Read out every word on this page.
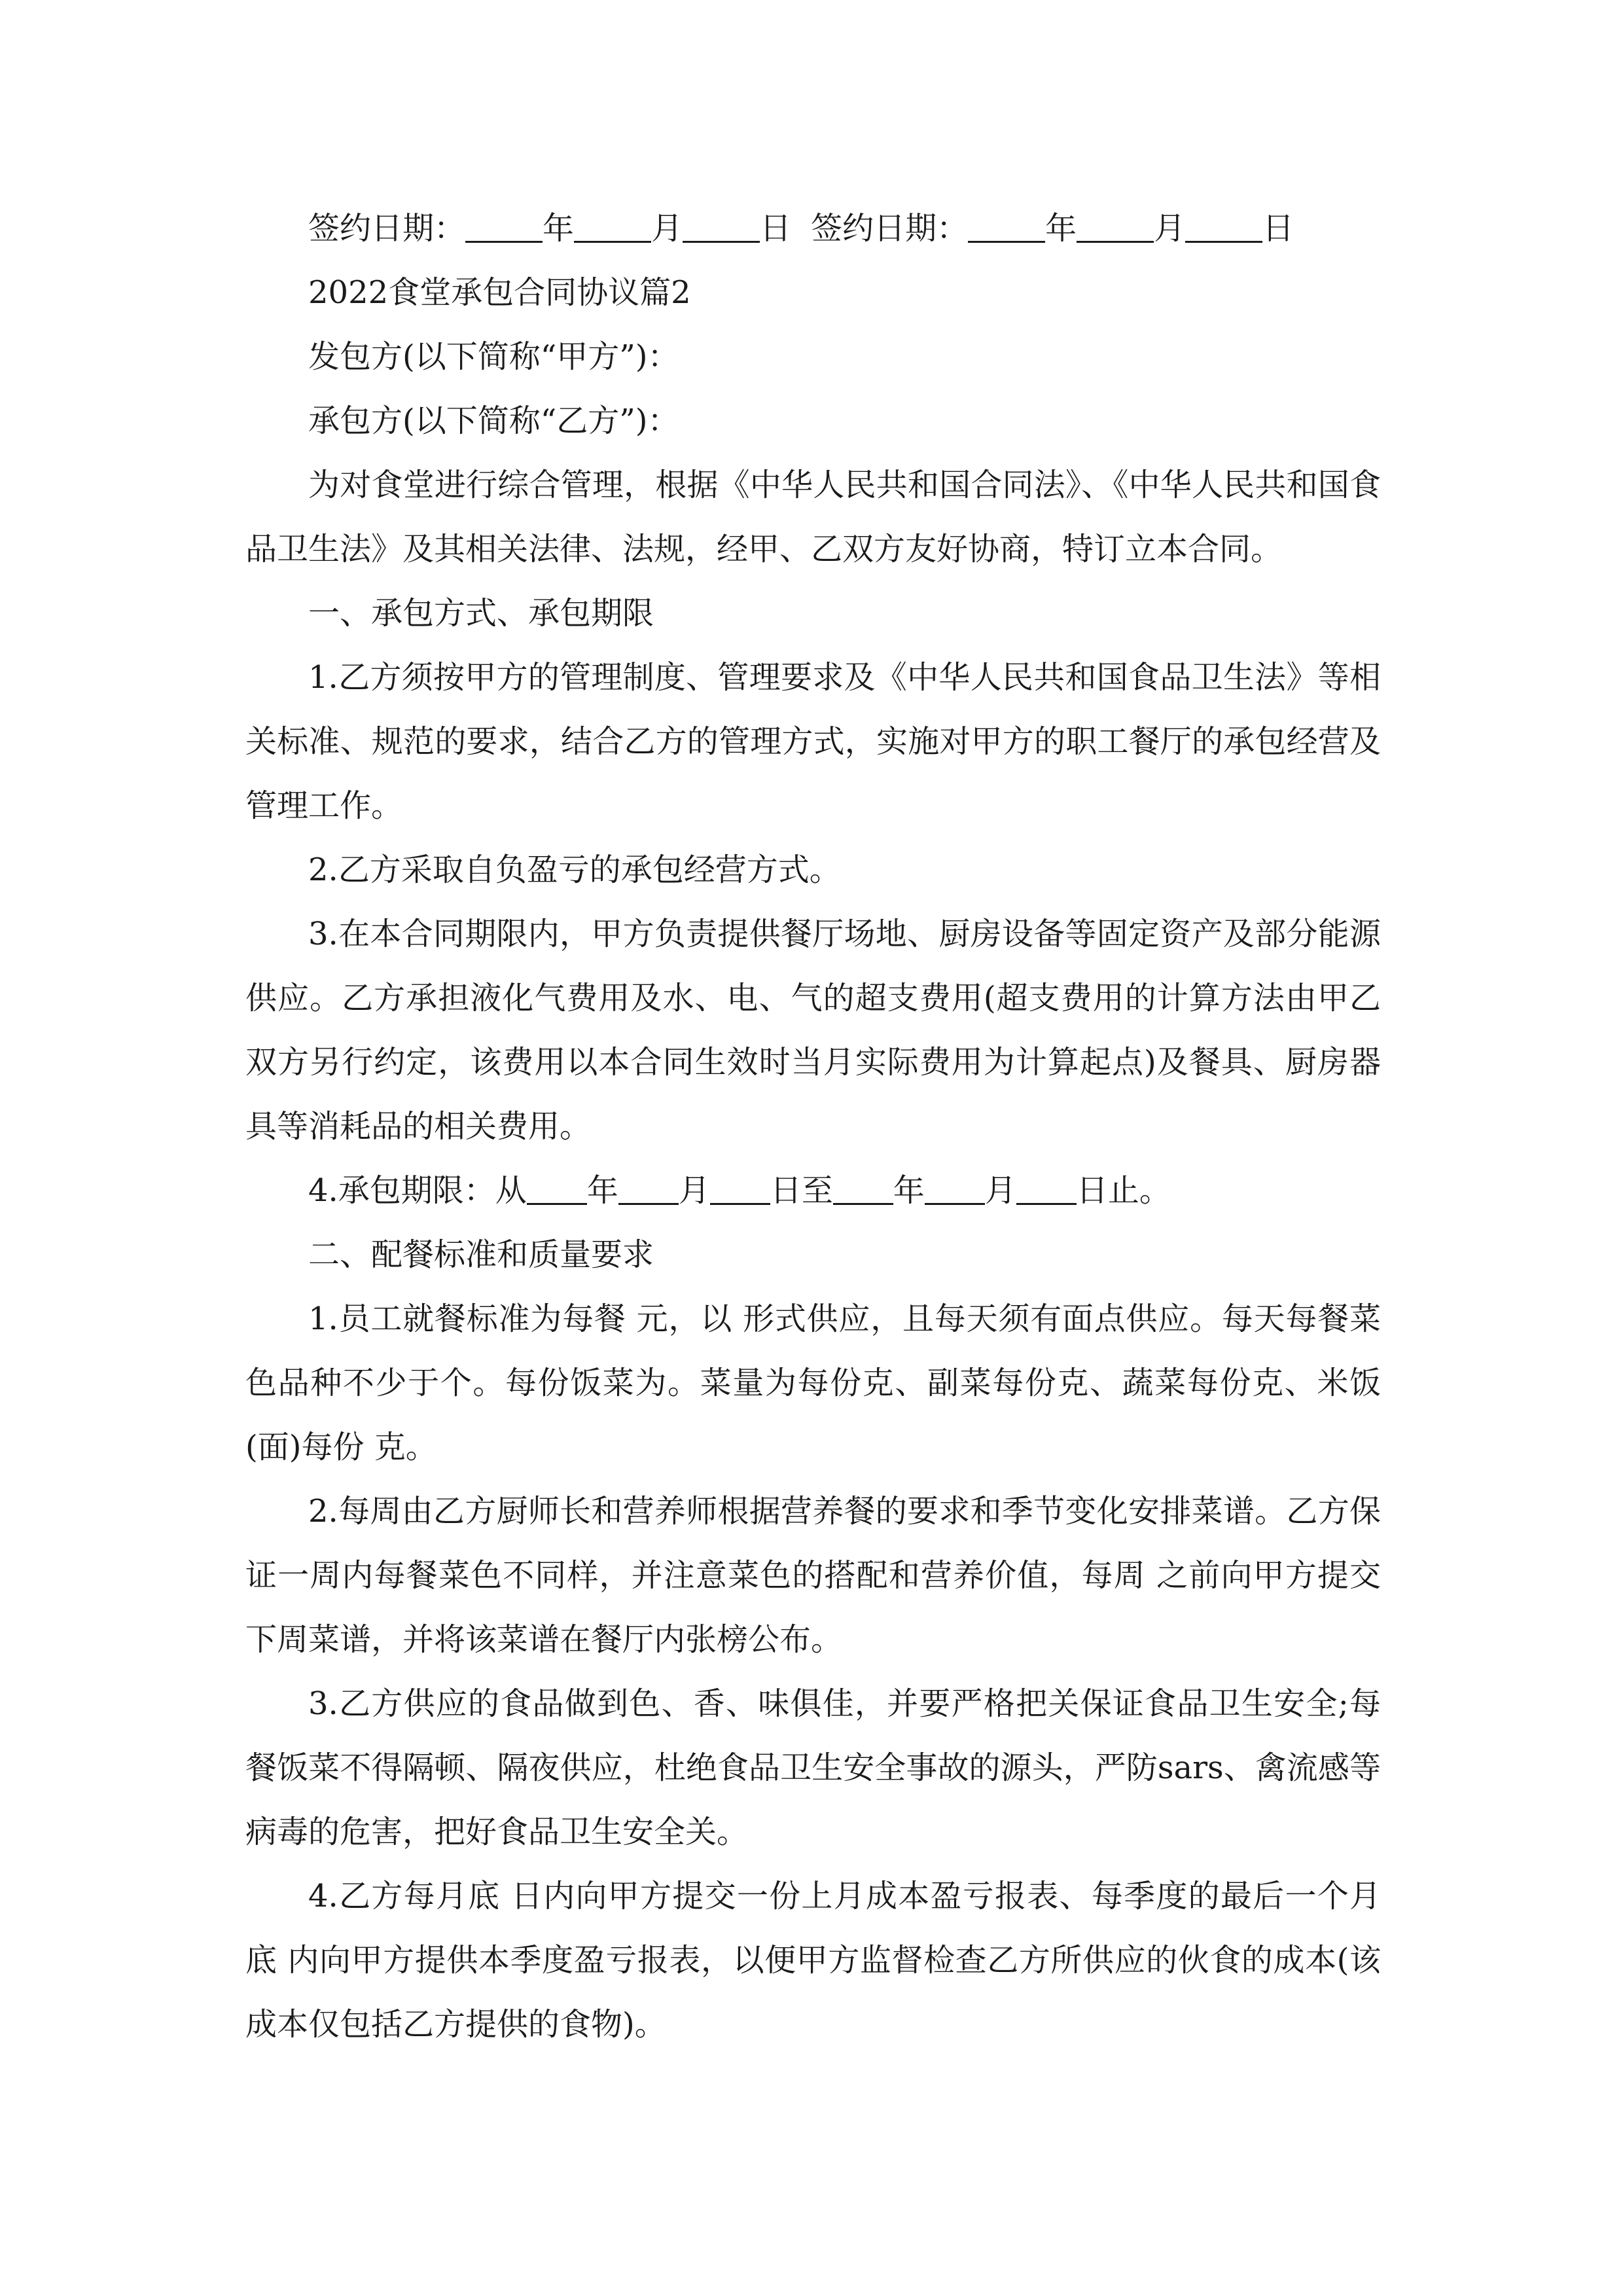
签约日期： 年 月 日 签约日期： 年 月 日

2022食堂承包合同协议篇2

发包方(以下简称“甲方”)：

承包方(以下简称“乙方”)：

为对食堂进行综合管理，根据《中华人民共和国合同法》、《中华人民共和国食品卫生法》及其相关法律、法规，经甲、乙双方友好协商，特订立本合同。

一、承包方式、承包期限

1.乙方须按甲方的管理制度、管理要求及《中华人民共和国食品卫生法》等相关标准、规范的要求，结合乙方的管理方式，实施对甲方的职工餐厅的承包经营及管理工作。

2.乙方采取自负盈亏的承包经营方式。

3.在本合同期限内，甲方负责提供餐厅场地、厨房设备等固定资产及部分能源供应。乙方承担液化气费用及水、电、气的超支费用(超支费用的计算方法由甲乙双方另行约定，该费用以本合同生效时当月实际费用为计算起点)及餐具、厨房器具等消耗品的相关费用。

4.承包期限：从 年 月 日至 年 月 日止。

二、配餐标准和质量要求

1.员工就餐标准为每餐 元，以 形式供应，且每天须有面点供应。每天每餐菜色品种不少于个。每份饭菜为。菜量为每份克、副菜每份克、蔬菜每份克、米饭(面)每份 克。

2.每周由乙方厨师长和营养师根据营养餐的要求和季节变化安排菜谱。乙方保证一周内每餐菜色不同样，并注意菜色的搭配和营养价值，每周 之前向甲方提交下周菜谱，并将该菜谱在餐厅内张榜公布。

3.乙方供应的食品做到色、香、味俱佳，并要严格把关保证食品卫生安全;每餐饭菜不得隔顿、隔夜供应，杜绝食品卫生安全事故的源头，严防sars、禽流感等病毒的危害，把好食品卫生安全关。

4.乙方每月底 日内向甲方提交一份上月成本盈亏报表、每季度的最后一个月底 内向甲方提供本季度盈亏报表，以便甲方监督检查乙方所供应的伙食的成本(该成本仅包括乙方提供的食物)。
